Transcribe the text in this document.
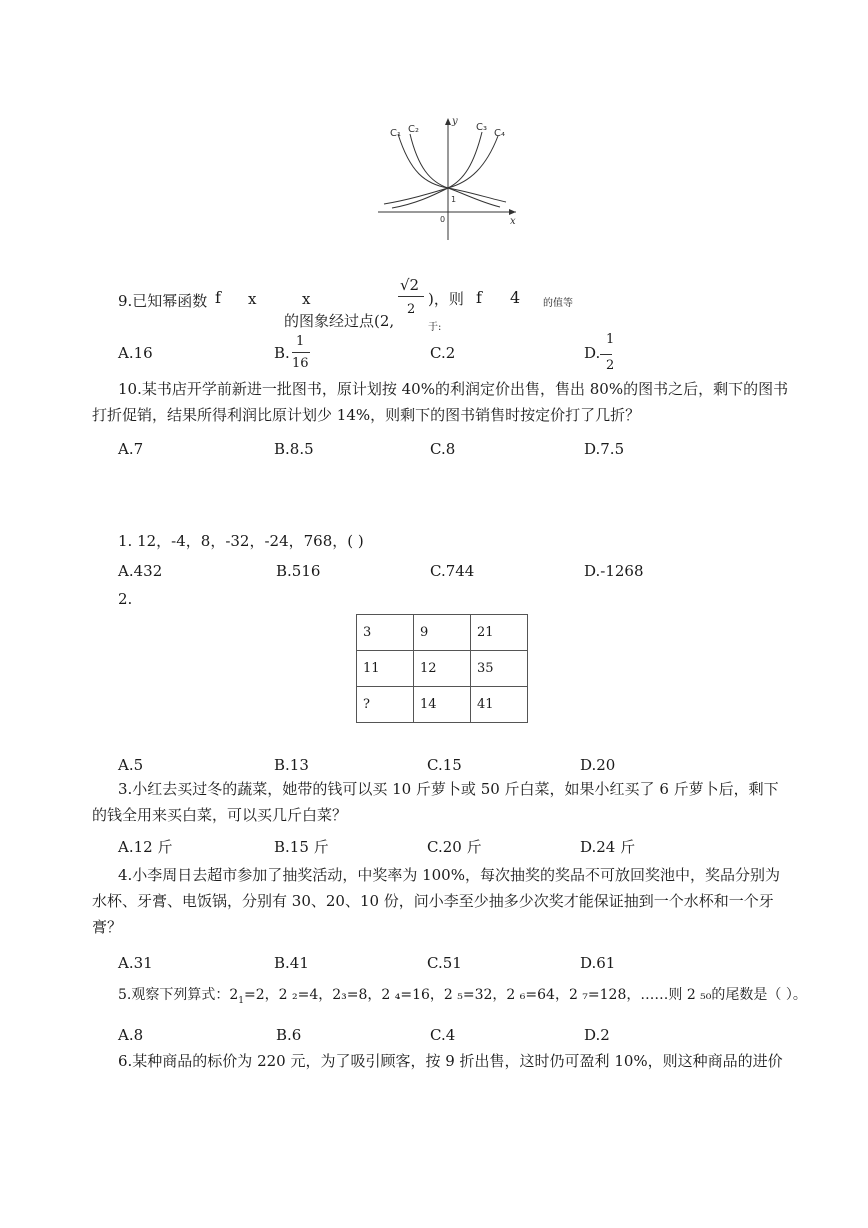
C₁ C₂	C₃
C₄
y
x
0
1
9.已知幂函数 f x	x
的图象经过点(2,
√2
2
)，则 f 4 的值等
于:
A.16	B.
1
16
C.2	D.
1
2
10.某书店开学前新进一批图书，原计划按 40%的利润定价出售，售出 80%的图书之后，剩下的图书打折促销，结果所得利润比原计划少 14%，则剩下的图书销售时按定价打了几折？
A.7	B.8.5	C.8	D.7.5
1. 12，-4，8，-32，-24，768，( )
A.432	B.516	C.744	D.-1268
2.
3	9	21
11	12	35
?	14	41
A.5	B.13	C.15	D.20
3.小红去买过冬的蔬菜，她带的钱可以买 10 斤萝卜或 50 斤白菜，如果小红买了 6 斤萝卜后，剩下的钱全用来买白菜，可以买几斤白菜？
A.12 斤	B.15 斤	C.20 斤	D.24 斤
4.小李周日去超市参加了抽奖活动，中奖率为 100%，每次抽奖的奖品不可放回奖池中，奖品分别为水杯、牙膏、电饭锅，分别有 30、20、10 份，问小李至少抽多少次奖才能保证抽到一个水杯和一个牙膏？
A.31	B.41	C.51	D.61
5.观察下列算式：$2_1=2$，2 ₂=4，2₃=8，2 ₄=16，2 ₅=32，2 ₆=64，2 ₇=128，……则 2 ₅₀的尾数是（ ）。
A.8	B.6	C.4	D.2
6.某种商品的标价为 220 元，为了吸引顾客，按 9 折出售，这时仍可盈利 10%，则这种商品的进价
